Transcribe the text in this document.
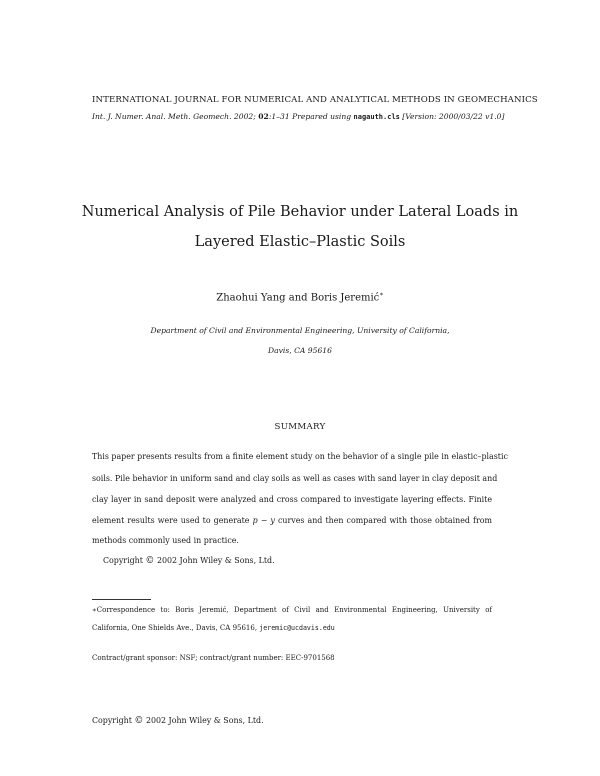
INTERNATIONAL JOURNAL FOR NUMERICAL AND ANALYTICAL METHODS IN GEOMECHANICS
Int. J. Numer. Anal. Meth. Geomech. 2002; 02:1–31 Prepared using nagauth.cls [Version: 2000/03/22 v1.0]
Numerical Analysis of Pile Behavior under Lateral Loads in
Layered Elastic–Plastic Soils
Zhaohui Yang and Boris Jeremić∗
Department of Civil and Environmental Engineering, University of California,
Davis, CA 95616
SUMMARY
This paper presents results from a finite element study on the behavior of a single pile in elastic–plastic
soils. Pile behavior in uniform sand and clay soils as well as cases with sand layer in clay deposit and
clay layer in sand deposit were analyzed and cross compared to investigate layering effects. Finite
element results were used to generate p − y curves and then compared with those obtained from
methods commonly used in practice.
Copyright © 2002 John Wiley & Sons, Ltd.
∗Correspondence to: Boris Jeremić, Department of Civil and Environmental Engineering, University of
California, One Shields Ave., Davis, CA 95616, jeremic@ucdavis.edu
Contract/grant sponsor: NSF; contract/grant number: EEC-9701568
Copyright © 2002 John Wiley & Sons, Ltd.
